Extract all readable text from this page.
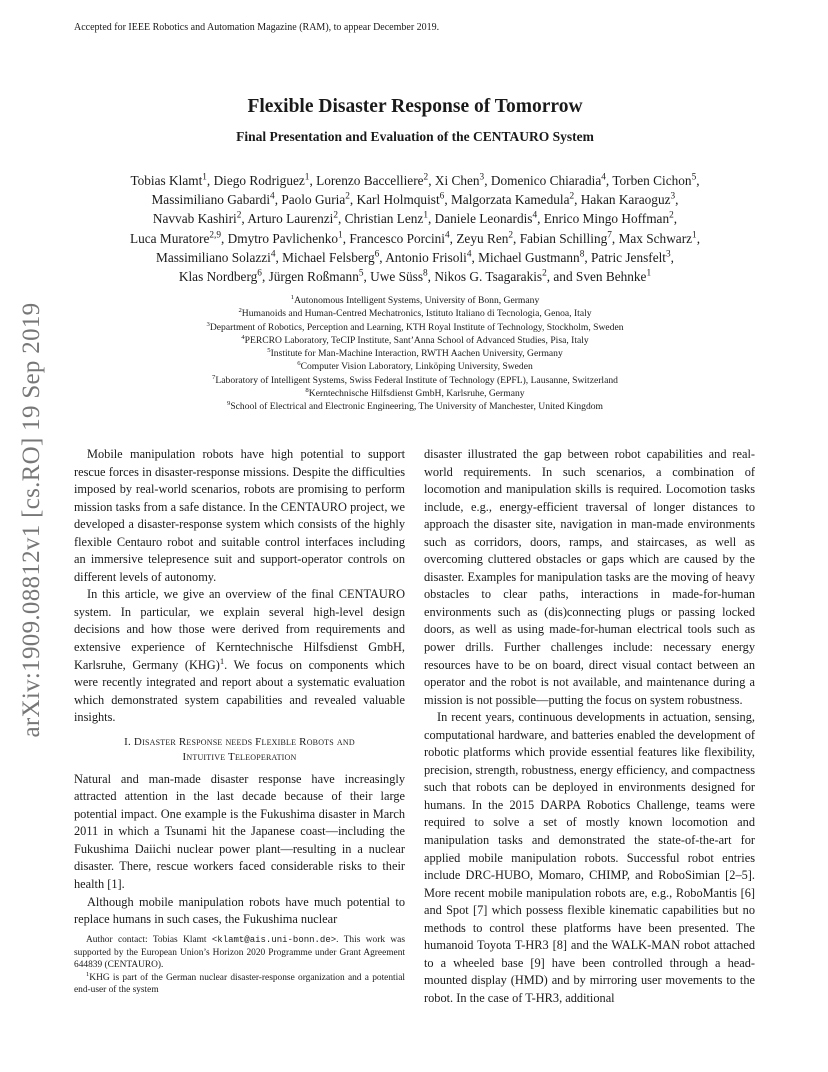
Accepted for IEEE Robotics and Automation Magazine (RAM), to appear December 2019.
arXiv:1909.08812v1 [cs.RO] 19 Sep 2019
Flexible Disaster Response of Tomorrow
Final Presentation and Evaluation of the CENTAURO System
Tobias Klamt$^1$, Diego Rodriguez$^1$, Lorenzo Baccelliere$^2$, Xi Chen$^3$, Domenico Chiaradia$^4$, Torben Cichon$^5$,
Massimiliano Gabardi$^4$, Paolo Guria$^2$, Karl Holmquist$^6$, Malgorzata Kamedula$^2$, Hakan Karaoguz$^3$,
Navvab Kashiri$^2$, Arturo Laurenzi$^2$, Christian Lenz$^1$, Daniele Leonardis$^4$, Enrico Mingo Hoffman$^2$,
Luca Muratore$^{2,9}$, Dmytro Pavlichenko$^1$, Francesco Porcini$^4$, Zeyu Ren$^2$, Fabian Schilling$^7$, Max Schwarz$^1$,
Massimiliano Solazzi$^4$, Michael Felsberg$^6$, Antonio Frisoli$^4$, Michael Gustmann$^8$, Patric Jensfelt$^3$,
Klas Nordberg$^6$, Jürgen Roßmann$^5$, Uwe Süss$^8$, Nikos G. Tsagarakis$^2$, and Sven Behnke$^1$
$^1$Autonomous Intelligent Systems, University of Bonn, Germany
$^2$Humanoids and Human-Centred Mechatronics, Istituto Italiano di Tecnologia, Genoa, Italy
$^3$Department of Robotics, Perception and Learning, KTH Royal Institute of Technology, Stockholm, Sweden
$^4$PERCRO Laboratory, TeCIP Institute, Sant’Anna School of Advanced Studies, Pisa, Italy
$^5$Institute for Man-Machine Interaction, RWTH Aachen University, Germany
$^6$Computer Vision Laboratory, Linköping University, Sweden
$^7$Laboratory of Intelligent Systems, Swiss Federal Institute of Technology (EPFL), Lausanne, Switzerland
$^8$Kerntechnische Hilfsdienst GmbH, Karlsruhe, Germany
$^9$School of Electrical and Electronic Engineering, The University of Manchester, United Kingdom

Mobile manipulation robots have high potential to support rescue forces in disaster-response missions. Despite the difficulties imposed by real-world scenarios, robots are promising to perform mission tasks from a safe distance. In the CENTAURO project, we developed a disaster-response system which consists of the highly flexible Centauro robot and suitable control interfaces including an immersive telepresence suit and support-operator controls on different levels of autonomy.

In this article, we give an overview of the final CENTAURO system. In particular, we explain several high-level design decisions and how those were derived from requirements and extensive experience of Kerntechnische Hilfsdienst GmbH, Karlsruhe, Germany (KHG)$^1$. We focus on components which were recently integrated and report about a systematic evaluation which demonstrated system capabilities and revealed valuable insights.

I. Disaster Response needs Flexible Robots and
Intuitive Teleoperation

Natural and man-made disaster response have increasingly attracted attention in the last decade because of their large potential impact. One example is the Fukushima disaster in March 2011 in which a Tsunami hit the Japanese coast—including the Fukushima Daiichi nuclear power plant—resulting in a nuclear disaster. There, rescue workers faced considerable risks to their health [1].

Although mobile manipulation robots have much potential to replace humans in such cases, the Fukushima nuclear

Author contact: Tobias Klamt <klamt@ais.uni-bonn.de>. This work was supported by the European Union’s Horizon 2020 Programme under Grant Agreement 644839 (CENTAURO).

$^1$KHG is part of the German nuclear disaster-response organization and a potential end-user of the system

disaster illustrated the gap between robot capabilities and real-world requirements. In such scenarios, a combination of locomotion and manipulation skills is required. Locomotion tasks include, e.g., energy-efficient traversal of longer distances to approach the disaster site, navigation in man-made environments such as corridors, doors, ramps, and staircases, as well as overcoming cluttered obstacles or gaps which are caused by the disaster. Examples for manipulation tasks are the moving of heavy obstacles to clear paths, interactions in made-for-human environments such as (dis)connecting plugs or passing locked doors, as well as using made-for-human electrical tools such as power drills. Further challenges include: necessary energy resources have to be on board, direct visual contact between an operator and the robot is not available, and maintenance during a mission is not possible—putting the focus on system robustness.

In recent years, continuous developments in actuation, sensing, computational hardware, and batteries enabled the development of robotic platforms which provide essential features like flexibility, precision, strength, robustness, energy efficiency, and compactness such that robots can be deployed in environments designed for humans. In the 2015 DARPA Robotics Challenge, teams were required to solve a set of mostly known locomotion and manipulation tasks and demonstrated the state-of-the-art for applied mobile manipulation robots. Successful robot entries include DRC-HUBO, Momaro, CHIMP, and RoboSimian [2–5]. More recent mobile manipulation robots are, e.g., RoboMantis [6] and Spot [7] which possess flexible kinematic capabilities but no methods to control these platforms have been presented. The humanoid Toyota T-HR3 [8] and the WALK-MAN robot attached to a wheeled base [9] have been controlled through a head-mounted display (HMD) and by mirroring user movements to the robot. In the case of T-HR3, additional
